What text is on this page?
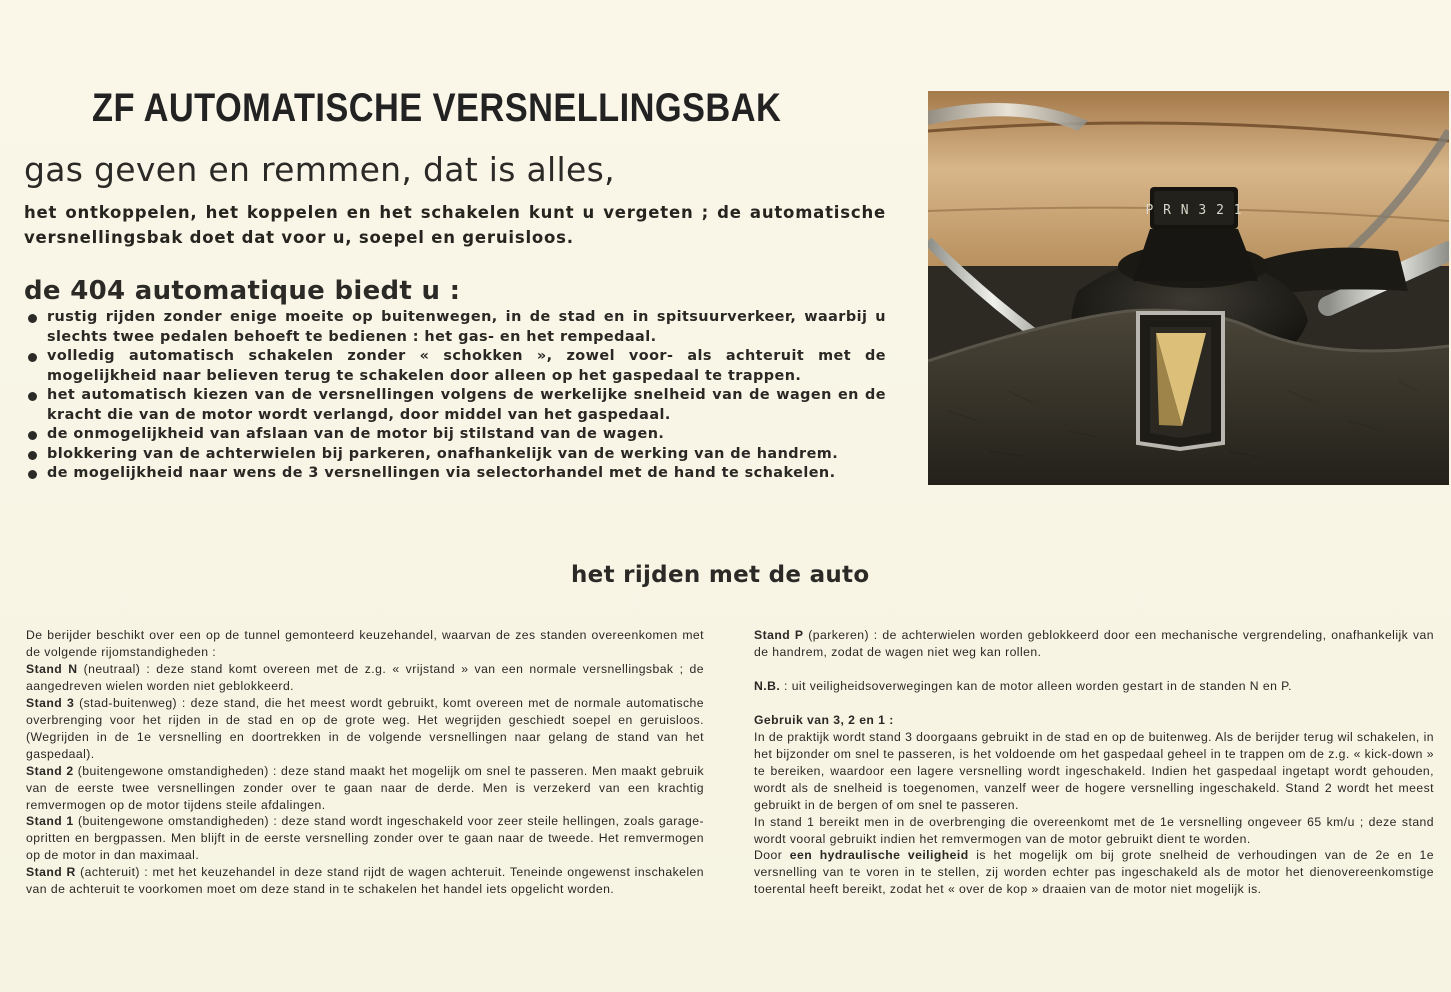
ZF AUTOMATISCHE VERSNELLINGSBAK
gas geven en remmen, dat is alles,
het ontkoppelen, het koppelen en het schakelen kunt u vergeten ; de automatische versnellingsbak doet dat voor u, soepel en geruisloos.
de 404 automatique biedt u :
rustig rijden zonder enige moeite op buitenwegen, in de stad en in spitsuurverkeer, waarbij u slechts twee pedalen behoeft te bedienen : het gas- en het rempedaal.
volledig automatisch schakelen zonder « schokken », zowel voor- als achteruit met de mogelijkheid naar believen terug te schakelen door alleen op het gaspedaal te trappen.
het automatisch kiezen van de versnellingen volgens de werkelijke snelheid van de wagen en de kracht die van de motor wordt verlangd, door middel van het gaspedaal.
de onmogelijkheid van afslaan van de motor bij stilstand van de wagen.
blokkering van de achterwielen bij parkeren, onafhankelijk van de werking van de handrem.
de mogelijkheid naar wens de 3 versnellingen via selectorhandel met de hand te schakelen.
P R N 3 2 1
het rijden met de auto

De berijder beschikt over een op de tunnel gemonteerd keuzehandel, waarvan de zes standen overeenkomen met de volgende rijomstandigheden :

Stand N (neutraal) : deze stand komt overeen met de z.g. « vrijstand » van een normale versnellingsbak ; de aangedreven wielen worden niet geblokkeerd.

Stand 3 (stad-buitenweg) : deze stand, die het meest wordt gebruikt, komt overeen met de normale automatische overbrenging voor het rijden in de stad en op de grote weg. Het wegrijden geschiedt soepel en geruisloos. (Wegrijden in de 1e versnelling en doortrekken in de volgende versnellingen naar gelang de stand van het gaspedaal).

Stand 2 (buitengewone omstandigheden) : deze stand maakt het mogelijk om snel te passeren. Men maakt gebruik van de eerste twee versnellingen zonder over te gaan naar de derde. Men is verzekerd van een krachtig remvermogen op de motor tijdens steile afdalingen.

Stand 1 (buitengewone omstandigheden) : deze stand wordt ingeschakeld voor zeer steile hellingen, zoals garage-opritten en bergpassen. Men blijft in de eerste versnelling zonder over te gaan naar de tweede. Het remvermogen op de motor in dan maximaal.

Stand R (achteruit) : met het keuzehandel in deze stand rijdt de wagen achteruit. Teneinde ongewenst inschakelen van de achteruit te voorkomen moet om deze stand in te schakelen het handel iets opgelicht worden.

Stand P (parkeren) : de achterwielen worden geblokkeerd door een mechanische vergrendeling, onafhankelijk van de handrem, zodat de wagen niet weg kan rollen.

N.B. : uit veiligheidsoverwegingen kan de motor alleen worden gestart in de standen N en P.

Gebruik van 3, 2 en 1 :

In de praktijk wordt stand 3 doorgaans gebruikt in de stad en op de buitenweg. Als de berijder terug wil schakelen, in het bijzonder om snel te passeren, is het voldoende om het gaspedaal geheel in te trappen om de z.g. « kick-down » te bereiken, waardoor een lagere versnelling wordt ingeschakeld. Indien het gaspedaal ingetapt wordt gehouden, wordt als de snelheid is toegenomen, vanzelf weer de hogere versnelling ingeschakeld. Stand 2 wordt het meest gebruikt in de bergen of om snel te passeren.

In stand 1 bereikt men in de overbrenging die overeenkomt met de 1e versnelling ongeveer 65 km/u ; deze stand wordt vooral gebruikt indien het remvermogen van de motor gebruikt dient te worden.

Door een hydraulische veiligheid is het mogelijk om bij grote snelheid de verhoudingen van de 2e en 1e versnelling van te voren in te stellen, zij worden echter pas ingeschakeld als de motor het dienovereenkomstige toerental heeft bereikt, zodat het « over de kop » draaien van de motor niet mogelijk is.
